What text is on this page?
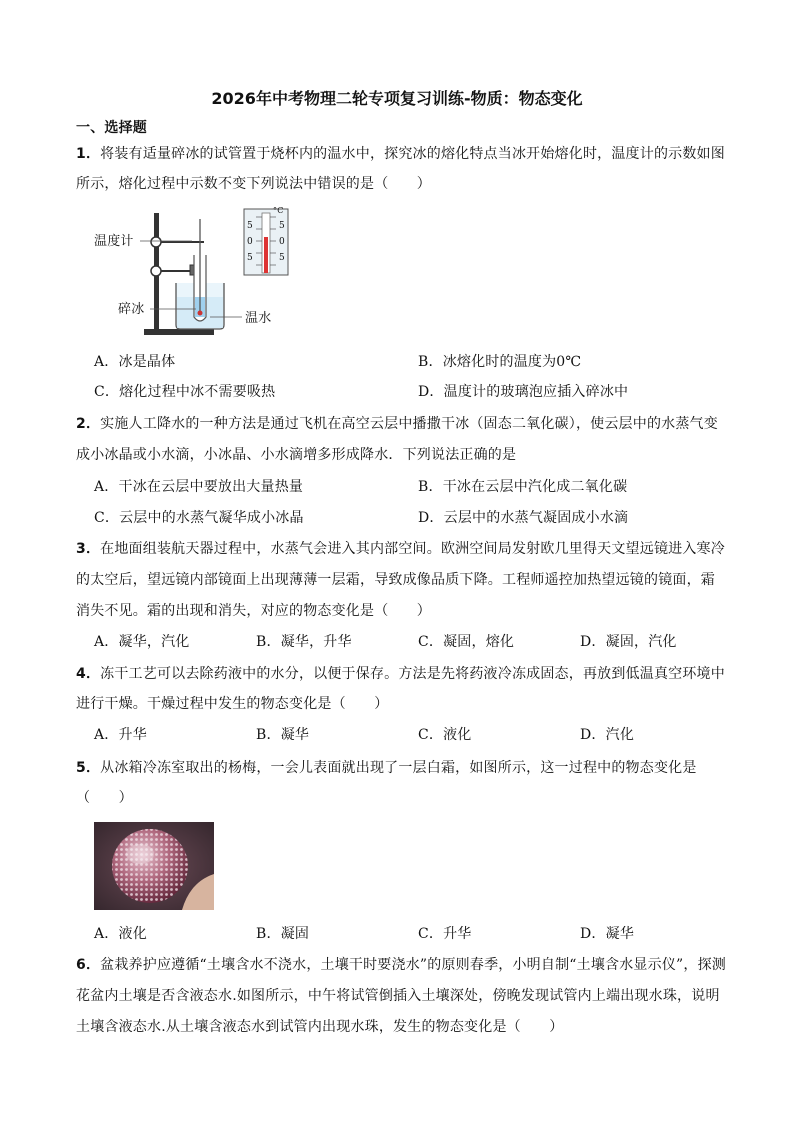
2026年中考物理二轮专项复习训练-物质：物态变化
一、选择题
1．将装有适量碎冰的试管置于烧杯内的温水中，探究冰的熔化特点当冰开始熔化时，温度计的示数如图
所示，熔化过程中示数不变下列说法中错误的是（　　）
温度计
碎冰
温水
°C
5
0
5
5
0
5
A．冰是晶体	B．冰熔化时的温度为0℃
C．熔化过程中冰不需要吸热	D．温度计的玻璃泡应插入碎冰中
2．实施人工降水的一种方法是通过飞机在高空云层中播撒干冰（固态二氧化碳），使云层中的水蒸气变
成小冰晶或小水滴，小冰晶、小水滴增多形成降水．下列说法正确的是
A．干冰在云层中要放出大量热量	B．干冰在云层中汽化成二氧化碳
C．云层中的水蒸气凝华成小冰晶	D．云层中的水蒸气凝固成小水滴
3．在地面组装航天器过程中，水蒸气会进入其内部空间。欧洲空间局发射欧几里得天文望远镜进入寒冷
的太空后，望远镜内部镜面上出现薄薄一层霜，导致成像品质下降。工程师遥控加热望远镜的镜面，霜
消失不见。霜的出现和消失，对应的物态变化是（　　）
A．凝华，汽化	B．凝华，升华	C．凝固，熔化	D．凝固，汽化
4．冻干工艺可以去除药液中的水分，以便于保存。方法是先将药液冷冻成固态，再放到低温真空环境中
进行干燥。干燥过程中发生的物态变化是（　　）
A．升华	B．凝华	C．液化	D．汽化
5．从冰箱冷冻室取出的杨梅，一会儿表面就出现了一层白霜，如图所示，这一过程中的物态变化是
（　　）
A．液化	B．凝固	C．升华	D．凝华
6．盆栽养护应遵循“土壤含水不浇水，土壤干时要浇水”的原则春季，小明自制“土壤含水显示仪”，探测
花盆内土壤是否含液态水.如图所示，中午将试管倒插入土壤深处，傍晚发现试管内上端出现水珠，说明
土壤含液态水.从土壤含液态水到试管内出现水珠，发生的物态变化是（　　）
